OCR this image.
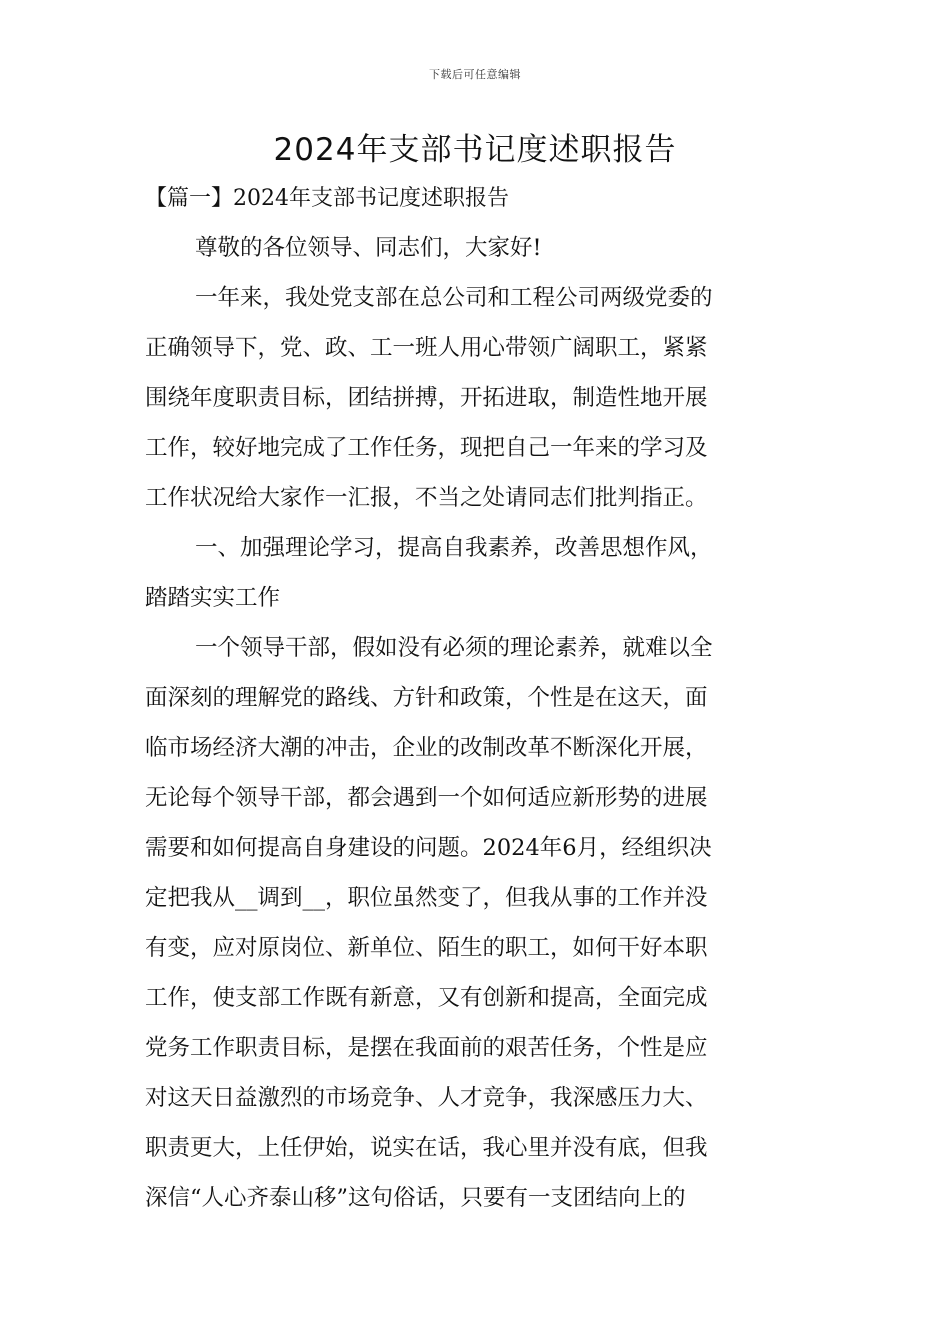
下载后可任意编辑
2024年支部书记度述职报告
【篇一】2024年支部书记度述职报告
尊敬的各位领导、同志们，大家好!
一年来，我处党支部在总公司和工程公司两级党委的
正确领导下，党、政、工一班人用心带领广阔职工，紧紧
围绕年度职责目标，团结拼搏，开拓进取，制造性地开展
工作，较好地完成了工作任务，现把自己一年来的学习及
工作状况给大家作一汇报，不当之处请同志们批判指正。
一、加强理论学习，提高自我素养，改善思想作风，
踏踏实实工作
一个领导干部，假如没有必须的理论素养，就难以全
面深刻的理解党的路线、方针和政策，个性是在这天，面
临市场经济大潮的冲击，企业的改制改革不断深化开展，
无论每个领导干部，都会遇到一个如何适应新形势的进展
需要和如何提高自身建设的问题。2024年6月，经组织决
定把我从__调到__，职位虽然变了，但我从事的工作并没
有变，应对原岗位、新单位、陌生的职工，如何干好本职
工作，使支部工作既有新意，又有创新和提高，全面完成
党务工作职责目标，是摆在我面前的艰苦任务，个性是应
对这天日益激烈的市场竞争、人才竞争，我深感压力大、
职责更大，上任伊始，说实在话，我心里并没有底，但我
深信“人心齐泰山移”这句俗话，只要有一支团结向上的
